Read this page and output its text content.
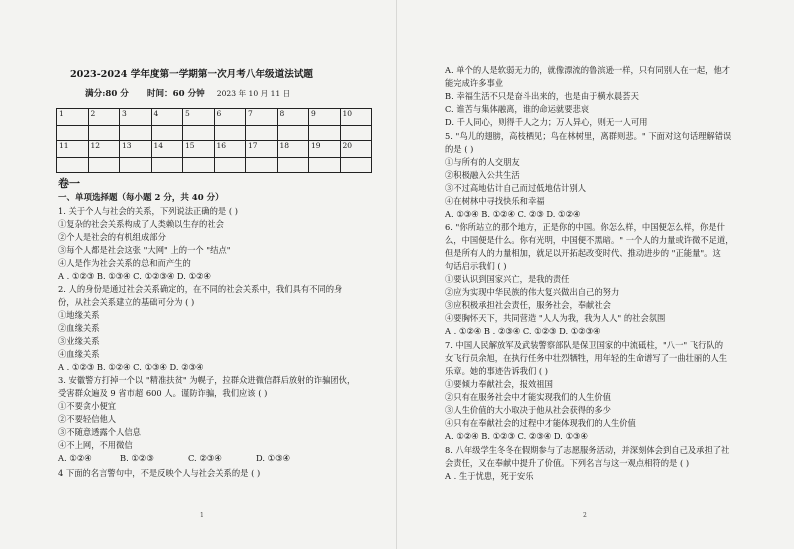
2023-2024 学年度第一学期第一次月考八年级道法试题
满分:80 分 时间：60 分钟 2023 年 10 月 11 日
1	2	3	4	5	6	7	8	9	10

11	12	13	14	15	16	17	18	19	20

卷一
一、单项选择题（每小题 2 分，共 40 分）
1. 关于个人与社会的关系，下列说法正确的是 ( )
①复杂的社会关系构成了人类赖以生存的社会
②个人是社会的有机组成部分
③每个人都是社会这张 "大网" 上的一个 "结点"
④人是作为社会关系的总和而产生的
A . ①②③ B. ①③④ C. ①②③④ D. ①②④
2. 人的身份是通过社会关系确定的，在不同的社会关系中，我们具有不同的身
份，从社会关系建立的基础可分为 ( )
①地缘关系
②血缘关系
③业缘关系
④血缘关系
A . ①②③ B. ①②④ C. ①③④ D. ②③④
3. 安徽警方打掉一个以 "精准扶贫" 为幌子，拉群众进微信群后放射的诈骗团伙，
受害群众遍及 9 省市超 600 人。谨防诈骗，我们应该 ( )
①不要贪小便宜
②不要轻信他人
③不随意透露个人信息
④不上网，不用微信
A. ①②④	B. ①②③	C. ②③④	D. ①③④
4 下面的名言警句中，不是反映个人与社会关系的是 ( )
1
A. 单个的人是软弱无力的，就像漂流的鲁滨逊一样，只有同别人在一起，他才
能完成许多事业
B. 幸福生活不只是奋斗出来的，也是由于横水晨荟天
C. 谁苦与集体融离，谁的命运就要悲哀
D. 千人同心，则得千人之力；万人异心，则无一人可用
5. "鸟儿的翅膀，高枝栖见；鸟在林树里，离群则悲。" 下面对这句话理解错误
的是 ( )
①与所有的人交朋友
②积极融入公共生活
③不过高地估计自己而过低地估计别人
④在树林中寻找快乐和幸福
A. ①③④ B. ①②④ C. ②③ D. ①②④
6. "你所站立的那个地方，正是你的中国。你怎么样，中国便怎么样，你是什
么，中国便是什么。你有光明，中国便不黑暗。" 一个人的力量或许微不足道，
但是所有人的力量相加，就足以开拓起改变时代、推动进步的 "正能量"。这
句话启示我们 ( )
①要认识到国家兴亡，是我的责任
②应为实现中华民族的伟大复兴做出自己的努力
③应积极承担社会责任，服务社会，奉献社会
④要胸怀天下，共同营造 "人人为我，我为人人" 的社会氛围
A . ①②④ B . ②③④ C. ①②③ D. ①②③④
7. 中国人民解放军及武装警察部队是保卫国家的中流砥柱，"八一" 飞行队的
女飞行员余旭，在执行任务中壮烈牺牲，用年轻的生命谱写了一曲壮丽的人生
乐章。她的事迹告诉我们 ( )
①要倾力奉献社会，报效祖国
②只有在服务社会中才能实现我们的人生价值
③人生价值的大小取决于他从社会获得的多少
④只有在奉献社会的过程中才能体现我们的人生价值
A. ①②④ B. ①②③ C. ②③④ D. ①③④
8. 八年级学生冬冬在假期参与了志愿服务活动，并深刻体会到自己及承担了社
会责任，又在奉献中提升了价值。下列名言与这一观点相符的是 ( )
A . 生于忧患，死于安乐
2
